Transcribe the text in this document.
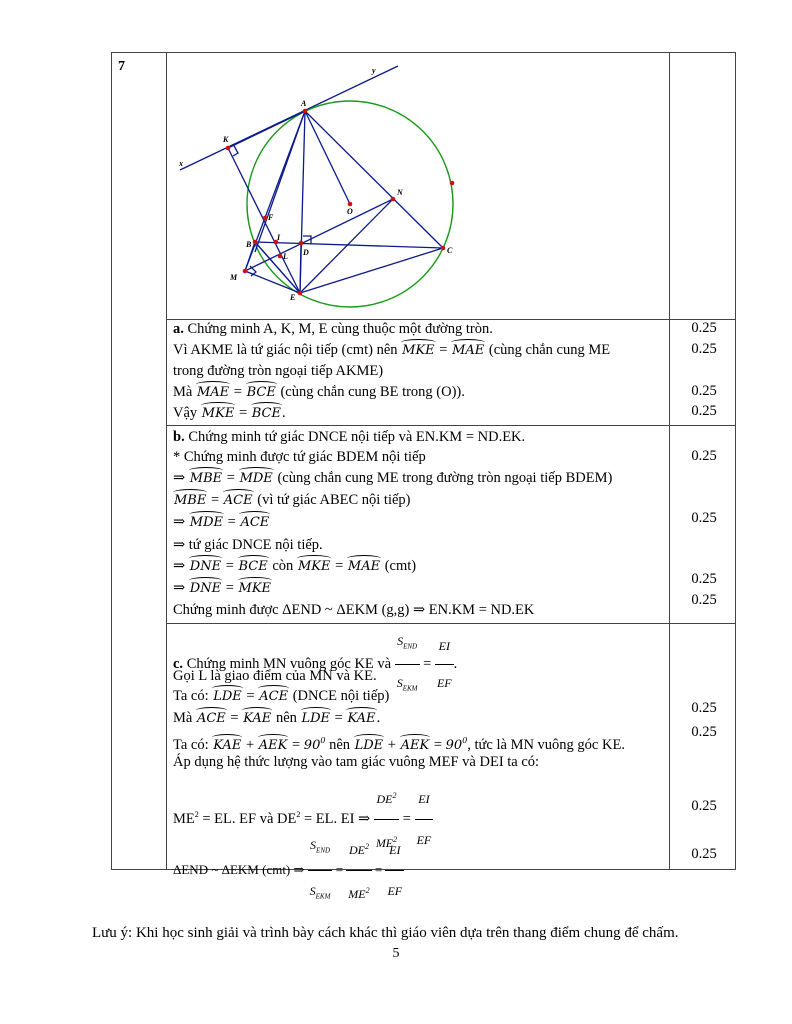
7	y
x
A
K
N
O
F
B
I
D	C
L
M
E
a. Chứng minh A, K, M, E cùng thuộc một đường tròn.
Vì AKME là tứ giác nội tiếp (cmt) nên MKE = MAE (cùng chắn cung ME
trong đường tròn ngoại tiếp AKME)
Mà MAE = BCE (cùng chắn cung BE trong (O)).
Vậy MKE = BCE.
0.25
0.25
0.25
0.25
b. Chứng minh tứ giác DNCE nội tiếp và EN.KM = ND.EK.
* Chứng minh được tứ giác BDEM nội tiếp
⇒ MBE = MDE (cùng chắn cung ME trong đường tròn ngoại tiếp BDEM)
MBE = ACE (vì tứ giác ABEC nội tiếp)
⇒ MDE = ACE
⇒ tứ giác DNCE nội tiếp.
⇒ DNE = BCE còn MKE = MAE (cmt)
⇒ DNE = MKE
Chứng minh được ΔEND ~ ΔEKM (g,g) ⇒ EN.KM = ND.EK
0.25
0.25
0.25
0.25
c. Chứng minh MN vuông góc KE và $\frac{S_{END}}{S_{EKM}} = \frac{EI}{EF}$ .
Gọi L là giao điểm của MN và KE.
Ta có: LDE = ACE (DNCE nội tiếp)
Mà ACE = KAE nên LDE = KAE.
Ta có: KAE + AEK = $90^0$ nên LDE + AEK = $90^0$, tức là MN vuông góc KE.
Áp dụng hệ thức lượng vào tam giác vuông MEF và DEI ta có:
$ME^2$ = EL. EF và $DE^2$ = EL. EI ⇒ $\frac{DE^2}{ME^2} = \frac{EI}{EF}$
ΔEND ~ ΔEKM (cmt) ⇒ $\frac{S_{END}}{S_{EKM}} = \frac{DE^2}{ME^2} = \frac{EI}{EF}$
0.25
0.25
0.25
0.25
Lưu ý: Khi học sinh giải và trình bày cách khác thì giáo viên dựa trên thang điểm chung để chấm.
5
